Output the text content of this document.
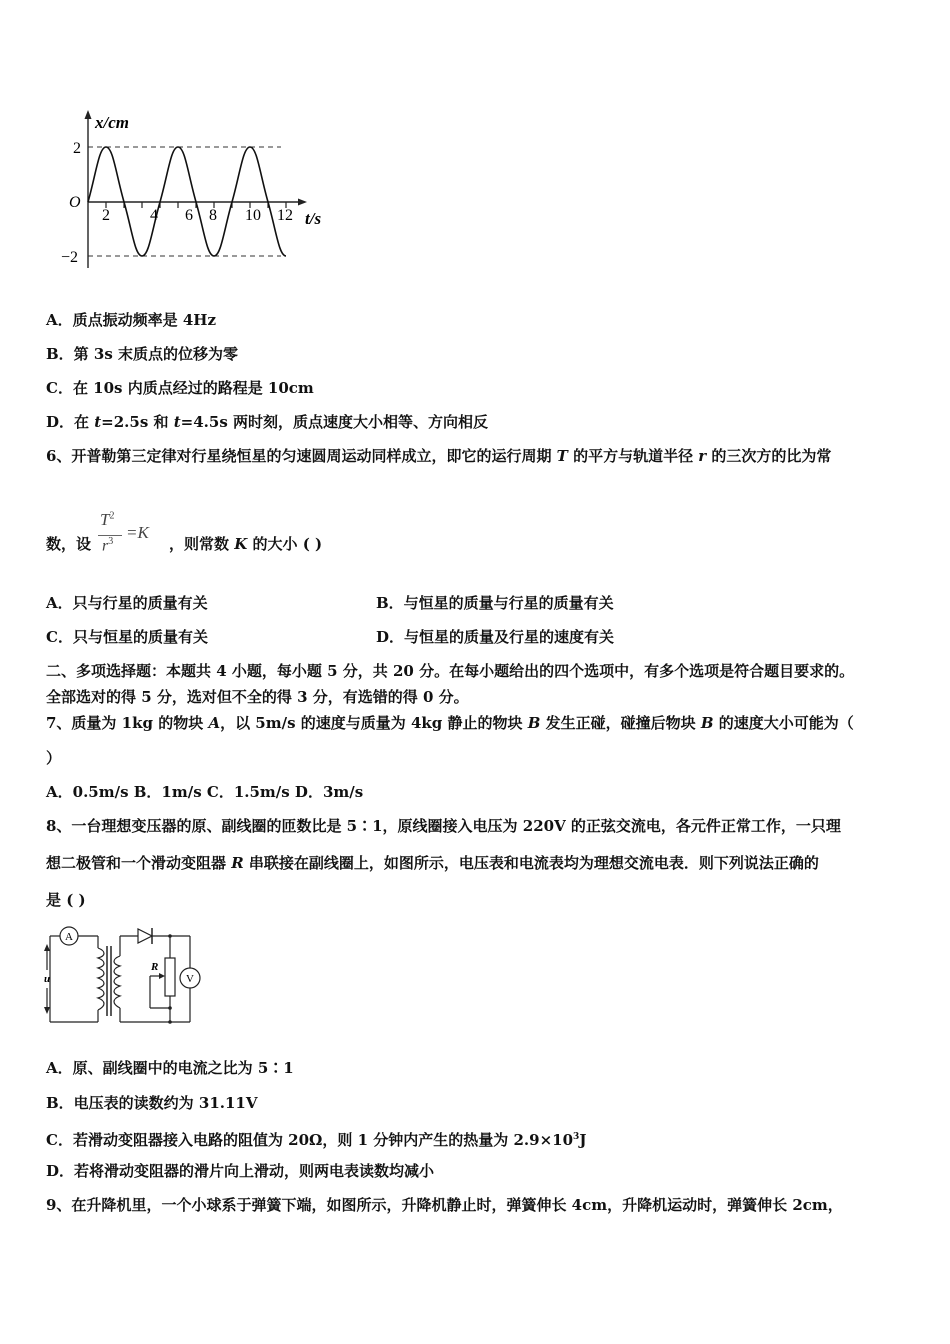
x/cm
t/s
O
2
−2
2	4 6 8 10 12
A．质点振动频率是 4Hz
B．第 3s 末质点的位移为零
C．在 10s 内质点经过的路程是 10cm
D．在 t=2.5s 和 t=4.5s 两时刻，质点速度大小相等、方向相反
6、开普勒第三定律对行星绕恒星的匀速圆周运动同样成立，即它的运行周期 T 的平方与轨道半径 r 的三次方的比为常
数，设	，则常数 K 的大小 ( )
$T^2$
$r^3 =K$
A．只与行星的质量有关	B．与恒星的质量与行星的质量有关
C．只与恒星的质量有关	D．与恒星的质量及行星的速度有关
二、多项选择题：本题共 4 小题，每小题 5 分，共 20 分。在每小题给出的四个选项中，有多个选项是符合题目要求的。
全部选对的得 5 分，选对但不全的得 3 分，有选错的得 0 分。
7、质量为 1kg 的物块 A，以 5m/s 的速度与质量为 4kg 静止的物块 B 发生正碰，碰撞后物块 B 的速度大小可能为（
）
A．0.5m/s B．1m/s C．1.5m/s D．3m/s
8、一台理想变压器的原、副线圈的匝数比是 5∶1，原线圈接入电压为 220V 的正弦交流电，各元件正常工作，一只理
想二极管和一个滑动变阻器 R 串联接在副线圈上，如图所示，电压表和电流表均为理想交流电表．则下列说法正确的
是 ( )
A
V
R
u
A．原、副线圈中的电流之比为 5∶1
B．电压表的读数约为 31.11V
C．若滑动变阻器接入电路的阻值为 20Ω，则 1 分钟内产生的热量为 $2.9\times 10^3J$
D．若将滑动变阻器的滑片向上滑动，则两电表读数均减小
9、在升降机里，一个小球系于弹簧下端，如图所示，升降机静止时，弹簧伸长 4cm，升降机运动时，弹簧伸长 2cm，
